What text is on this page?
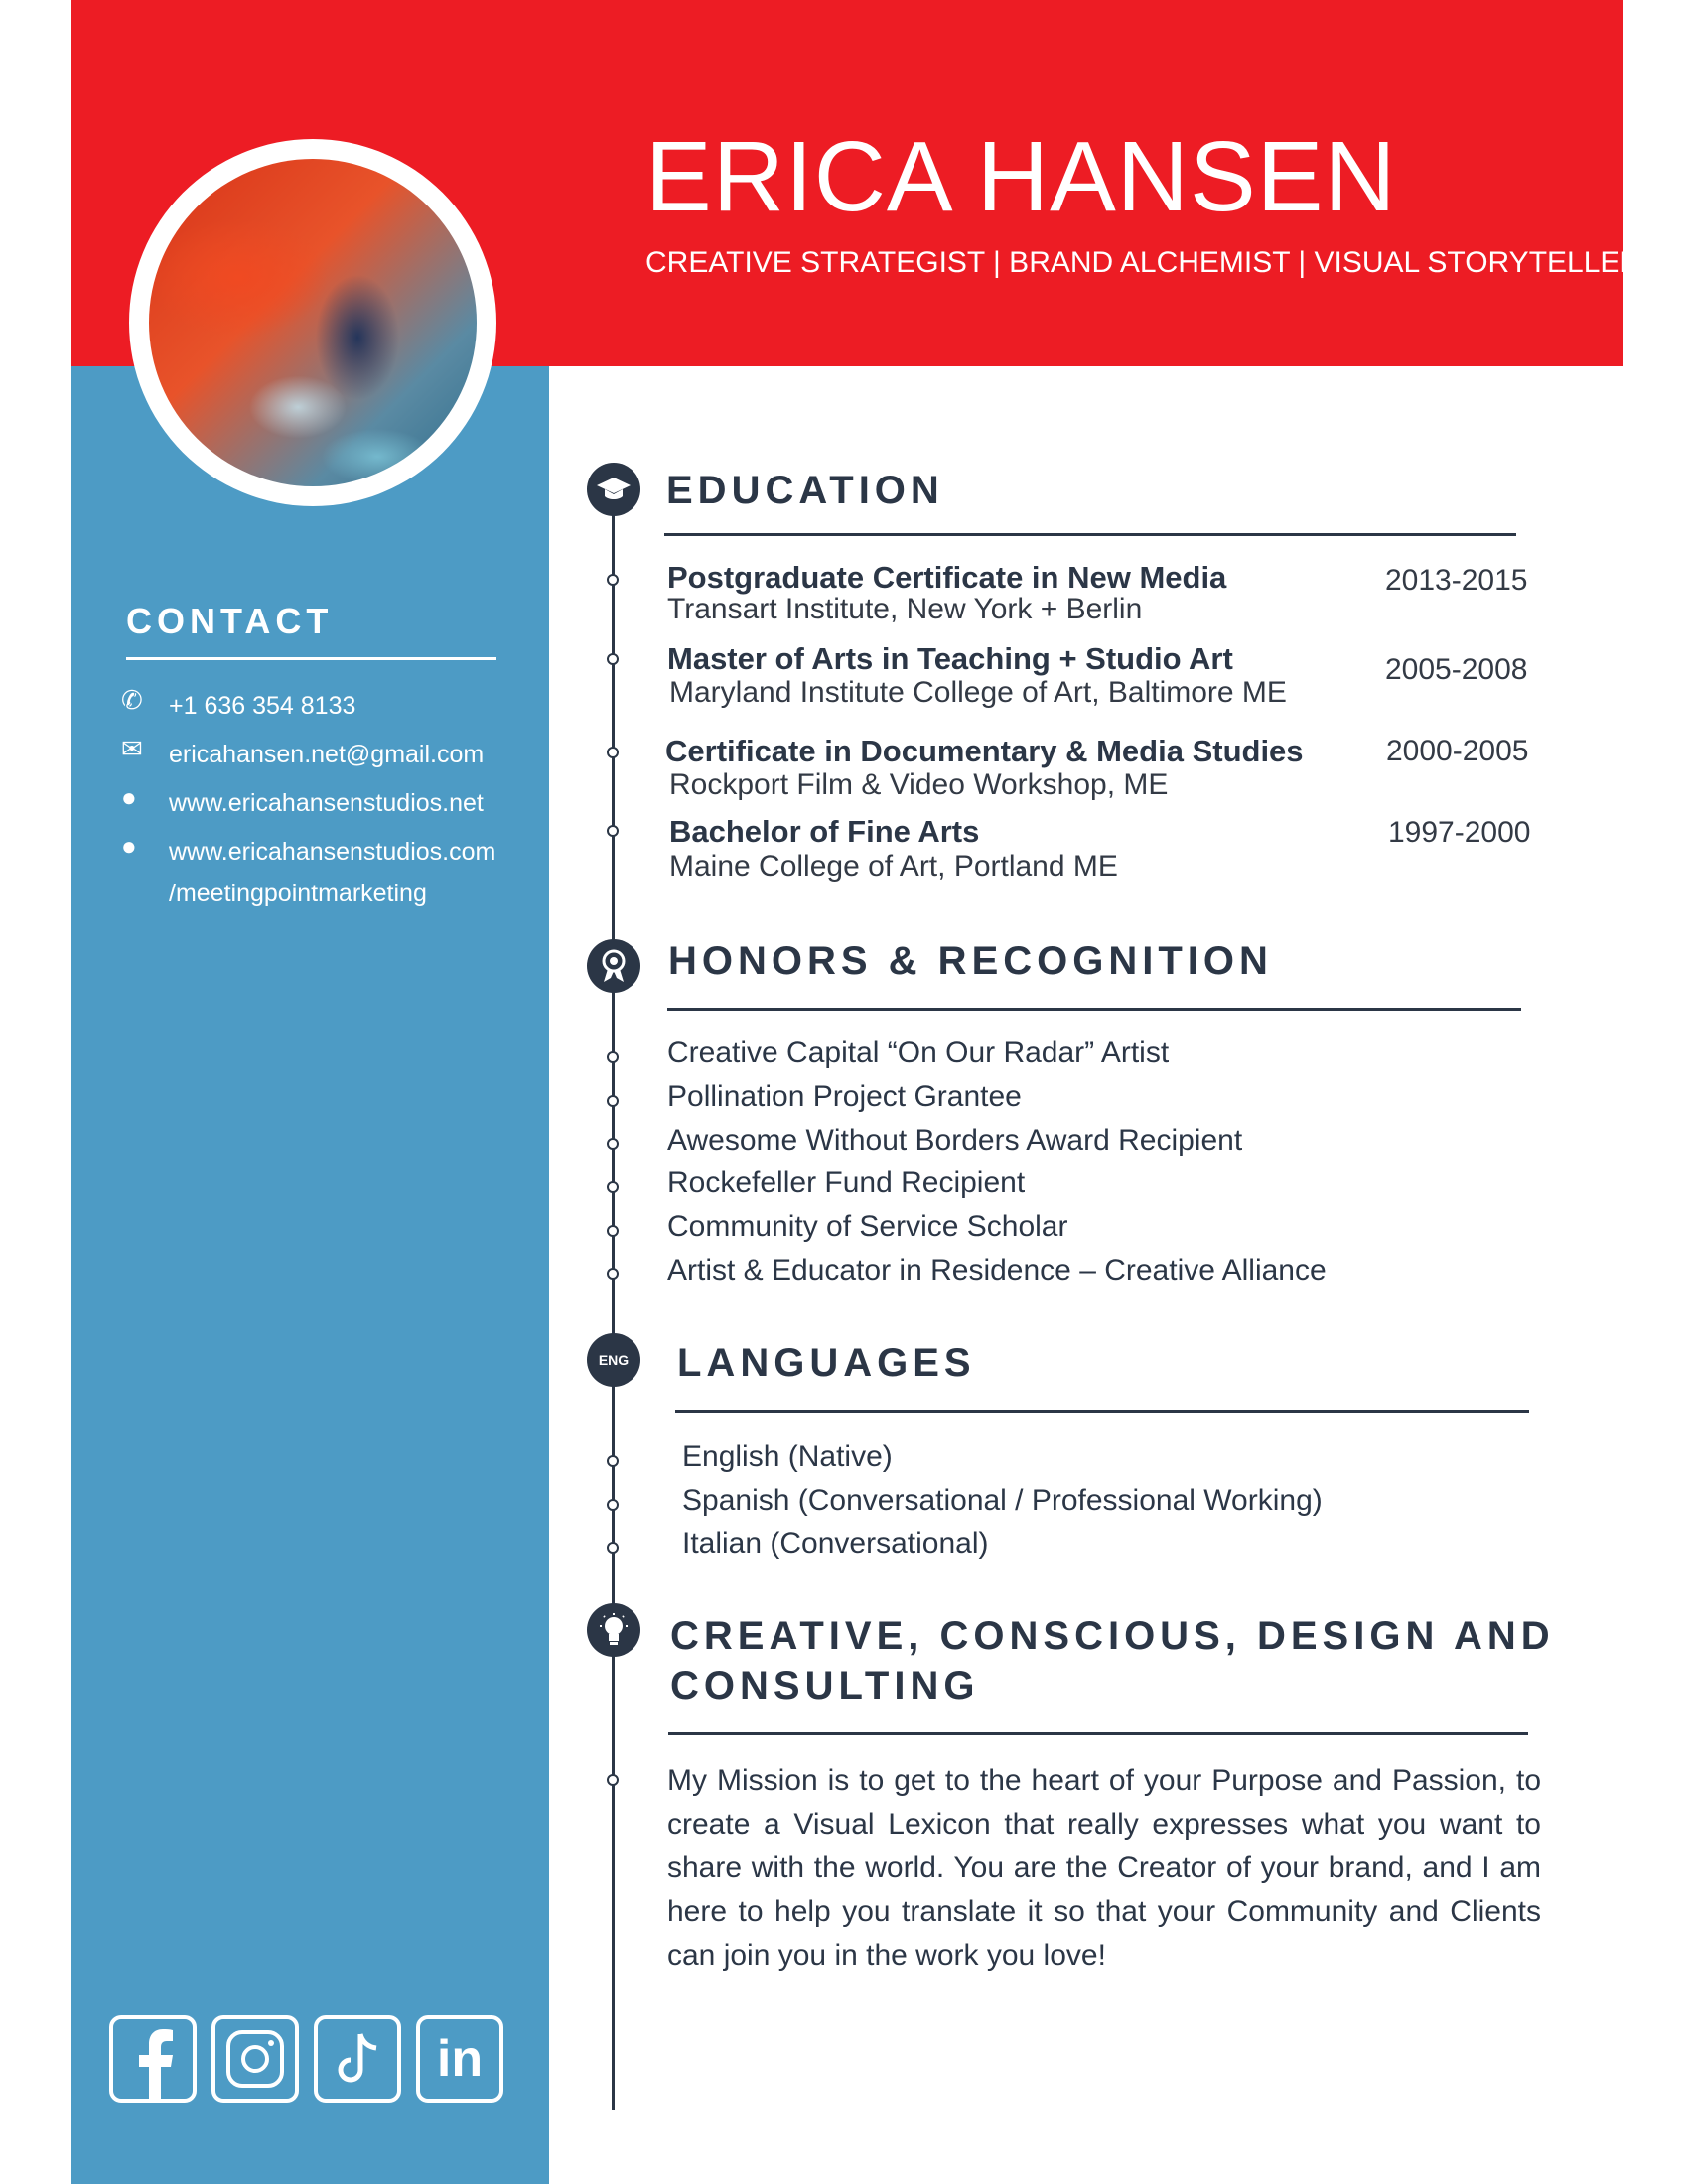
ERICA HANSEN
CREATIVE STRATEGIST | BRAND ALCHEMIST | VISUAL STORYTELLER
CONTACT
✆	+1 636 354 8133
✉	ericahansen.net@gmail.com
●	www.ericahansenstudios.net
●	www.ericahansenstudios.com
/meetingpointmarketing
in
EDUCATION
Postgraduate Certificate in New Media
Transart Institute, New York + Berlin
2013-2015
Master of Arts in Teaching + Studio Art
Maryland Institute College of Art, Baltimore ME
2005-2008
Certificate in Documentary & Media Studies
Rockport Film & Video Workshop, ME
2000-2005
Bachelor of Fine Arts
Maine College of Art, Portland ME
1997-2000
HONORS & RECOGNITION
Creative Capital “On Our Radar” Artist
Pollination Project Grantee
Awesome Without Borders Award Recipient
Rockefeller Fund Recipient
Community of Service Scholar
Artist & Educator in Residence – Creative Alliance
ENG LANGUAGES
English (Native)
Spanish (Conversational / Professional Working)
Italian (Conversational)
CREATIVE, CONSCIOUS, DESIGN AND
CONSULTING
My Mission is to get to the heart of your Purpose and Passion, to create a Visual Lexicon that really expresses what you want to share with the world. You are the Creator of your brand, and I am here to help you translate it so that your Community and Clients can join you in the work you love!
